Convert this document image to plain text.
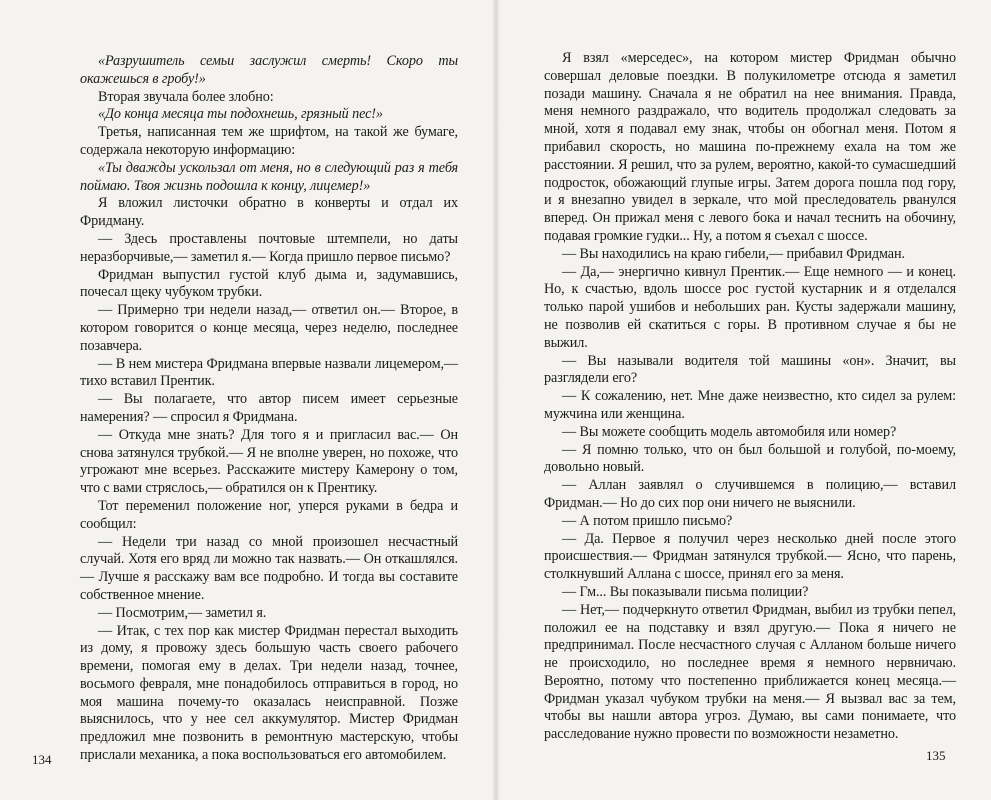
«Разрушитель семьи заслужил смерть! Скоро ты окажешься в гробу!»

Вторая звучала более злобно:

«До конца месяца ты подохнешь, грязный пес!»

Третья, написанная тем же шрифтом, на такой же бумаге, содержала некоторую информацию:

«Ты дважды ускользал от меня, но в следующий раз я тебя поймаю. Твоя жизнь подошла к концу, лицемер!»

Я вложил листочки обратно в конверты и отдал их Фридману.

— Здесь проставлены почтовые штемпели, но даты неразборчивые,— заметил я.— Когда пришло первое письмо?

Фридман выпустил густой клуб дыма и, задумавшись, почесал щеку чубуком трубки.

— Примерно три недели назад,— ответил он.— Второе, в котором говорится о конце месяца, через неделю, последнее позавчера.

— В нем мистера Фридмана впервые назвали лицемером,— тихо вставил Прентик.

— Вы полагаете, что автор писем имеет серьезные намерения? — спросил я Фридмана.

— Откуда мне знать? Для того я и пригласил вас.— Он снова затянулся трубкой.— Я не вполне уверен, но похоже, что угрожают мне всерьез. Расскажите мистеру Камерону о том, что с вами стряслось,— обратился он к Прентику.

Тот переменил положение ног, уперся руками в бедра и сообщил:

— Недели три назад со мной произошел несчастный случай. Хотя его вряд ли можно так назвать.— Он откашлялся.— Лучше я расскажу вам все подробно. И тогда вы составите собственное мнение.

— Посмотрим,— заметил я.

— Итак, с тех пор как мистер Фридман перестал выходить из дому, я провожу здесь большую часть своего рабочего времени, помогая ему в делах. Три недели назад, точнее, восьмого февраля, мне понадобилось отправиться в город, но моя машина почему-то оказалась неисправной. Позже выяснилось, что у нее сел аккумулятор. Мистер Фридман предложил мне позвонить в ремонтную мастерскую, чтобы прислали механика, а пока воспользоваться его автомобилем.

134

Я взял «мерседес», на котором мистер Фридман обычно совершал деловые поездки. В полукилометре отсюда я заметил позади машину. Сначала я не обратил на нее внимания. Правда, меня немного раздражало, что водитель продолжал следовать за мной, хотя я подавал ему знак, чтобы он обогнал меня. Потом я прибавил скорость, но машина по-прежнему ехала на том же расстоянии. Я решил, что за рулем, вероятно, какой-то сумасшедший подросток, обожающий глупые игры. Затем дорога пошла под гору, и я внезапно увидел в зеркале, что мой преследователь рванулся вперед. Он прижал меня с левого бока и начал теснить на обочину, подавая громкие гудки... Ну, а потом я съехал с шоссе.

— Вы находились на краю гибели,— прибавил Фридман.

— Да,— энергично кивнул Прентик.— Еще немного — и конец. Но, к счастью, вдоль шоссе рос густой кустарник и я отделался только парой ушибов и небольших ран. Кусты задержали машину, не позволив ей скатиться с горы. В противном случае я бы не выжил.

— Вы называли водителя той машины «он». Значит, вы разглядели его?

— К сожалению, нет. Мне даже неизвестно, кто сидел за рулем: мужчина или женщина.

— Вы можете сообщить модель автомобиля или номер?

— Я помню только, что он был большой и голубой, по-моему, довольно новый.

— Аллан заявлял о случившемся в полицию,— вставил Фридман.— Но до сих пор они ничего не выяснили.

— А потом пришло письмо?

— Да. Первое я получил через несколько дней после этого происшествия.— Фридман затянулся трубкой.— Ясно, что парень, столкнувший Аллана с шоссе, принял его за меня.

— Гм... Вы показывали письма полиции?

— Нет,— подчеркнуто ответил Фридман, выбил из трубки пепел, положил ее на подставку и взял другую.— Пока я ничего не предпринимал. После несчастного случая с Алланом больше ничего не происходило, но последнее время я немного нервничаю. Вероятно, потому что постепенно приближается конец месяца.— Фридман указал чубуком трубки на меня.— Я вызвал вас за тем, чтобы вы нашли автора угроз. Думаю, вы сами понимаете, что расследование нужно провести по возможности незаметно.

135
